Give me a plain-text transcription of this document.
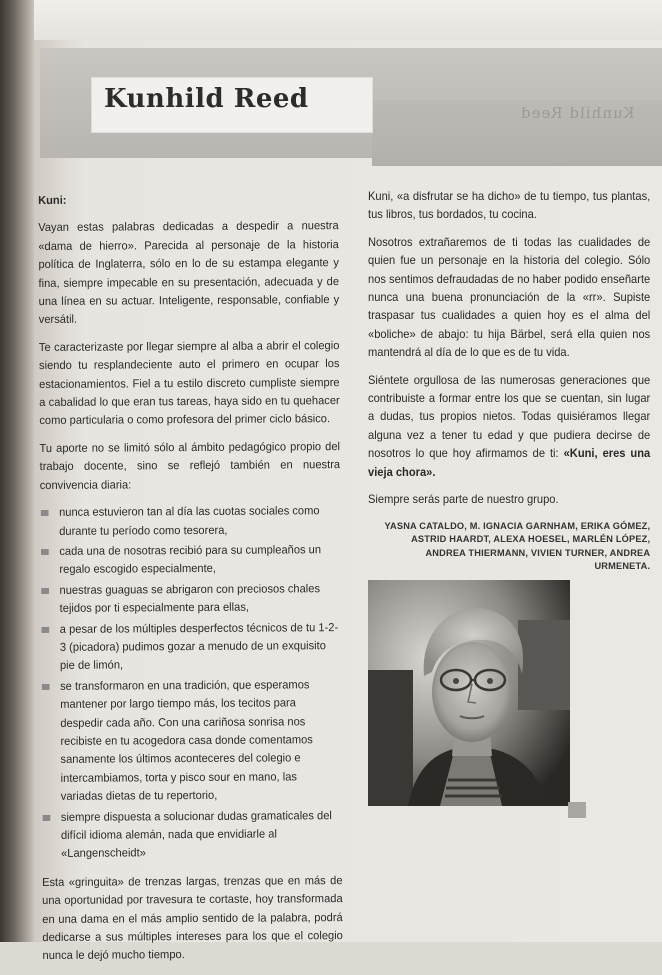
Kunhild Reed
Kunhild Reed

Kuni:

Vayan estas palabras dedicadas a despedir a nuestra «dama de hierro». Parecida al personaje de la historia política de Inglaterra, sólo en lo de su estampa elegante y fina, siempre impecable en su presentación, adecuada y de una línea en su actuar. Inteligente, responsable, confiable y versátil.

Te caracterizaste por llegar siempre al alba a abrir el colegio siendo tu resplandeciente auto el primero en ocupar los estacionamientos. Fiel a tu estilo discreto cumpliste siempre a cabalidad lo que eran tus tareas, haya sido en tu quehacer como particularia o como profesora del primer ciclo básico.

Tu aporte no se limitó sólo al ámbito pedagógico propio del trabajo docente, sino se reflejó también en nuestra convivencia diaria:

nunca estuvieron tan al día las cuotas sociales como durante tu período como tesorera,
cada una de nosotras recibió para su cumpleaños un regalo escogido especialmente,
nuestras guaguas se abrigaron con preciosos chales tejidos por ti especialmente para ellas,
a pesar de los múltiples desperfectos técnicos de tu 1-2-3 (picadora) pudimos gozar a menudo de un exquisito pie de limón,
se transformaron en una tradición, que esperamos mantener por largo tiempo más, los tecitos para despedir cada año. Con una cariñosa sonrisa nos recibiste en tu acogedora casa donde comentamos sanamente los últimos aconteceres del colegio e intercambiamos, torta y pisco sour en mano, las variadas dietas de tu repertorio,
siempre dispuesta a solucionar dudas gramaticales del difícil idioma alemán, nada que envidiarle al «Langenscheidt»

Esta «gringuita» de trenzas largas, trenzas que en más de una oportunidad por travesura te cortaste, hoy transformada en una dama en el más amplio sentido de la palabra, podrá dedicarse a sus múltiples intereses para los que el colegio nunca le dejó mucho tiempo.

Kuni, «a disfrutar se ha dicho» de tu tiempo, tus plantas, tus libros, tus bordados, tu cocina.

Nosotros extrañaremos de ti todas las cualidades de quien fue un personaje en la historia del colegio. Sólo nos sentimos defraudadas de no haber podido enseñarte nunca una buena pronunciación de la «rr». Supiste traspasar tus cualidades a quien hoy es el alma del «boliche» de abajo: tu hija Bärbel, será ella quien nos mantendrá al día de lo que es de tu vida.

Siéntete orgullosa de las numerosas generaciones que contribuiste a formar entre los que se cuentan, sin lugar a dudas, tus propios nietos. Todas quisiéramos llegar alguna vez a tener tu edad y que pudiera decirse de nosotros lo que hoy afirmamos de ti: «Kuni, eres una vieja chora».

Siempre serás parte de nuestro grupo.

YASNA CATALDO, M. IGNACIA GARNHAM, ERIKA GÓMEZ,
ASTRID HAARDT, ALEXA HOESEL, MARLÉN LÓPEZ,
ANDREA THIERMANN, VIVIEN TURNER, ANDREA URMENETA.
